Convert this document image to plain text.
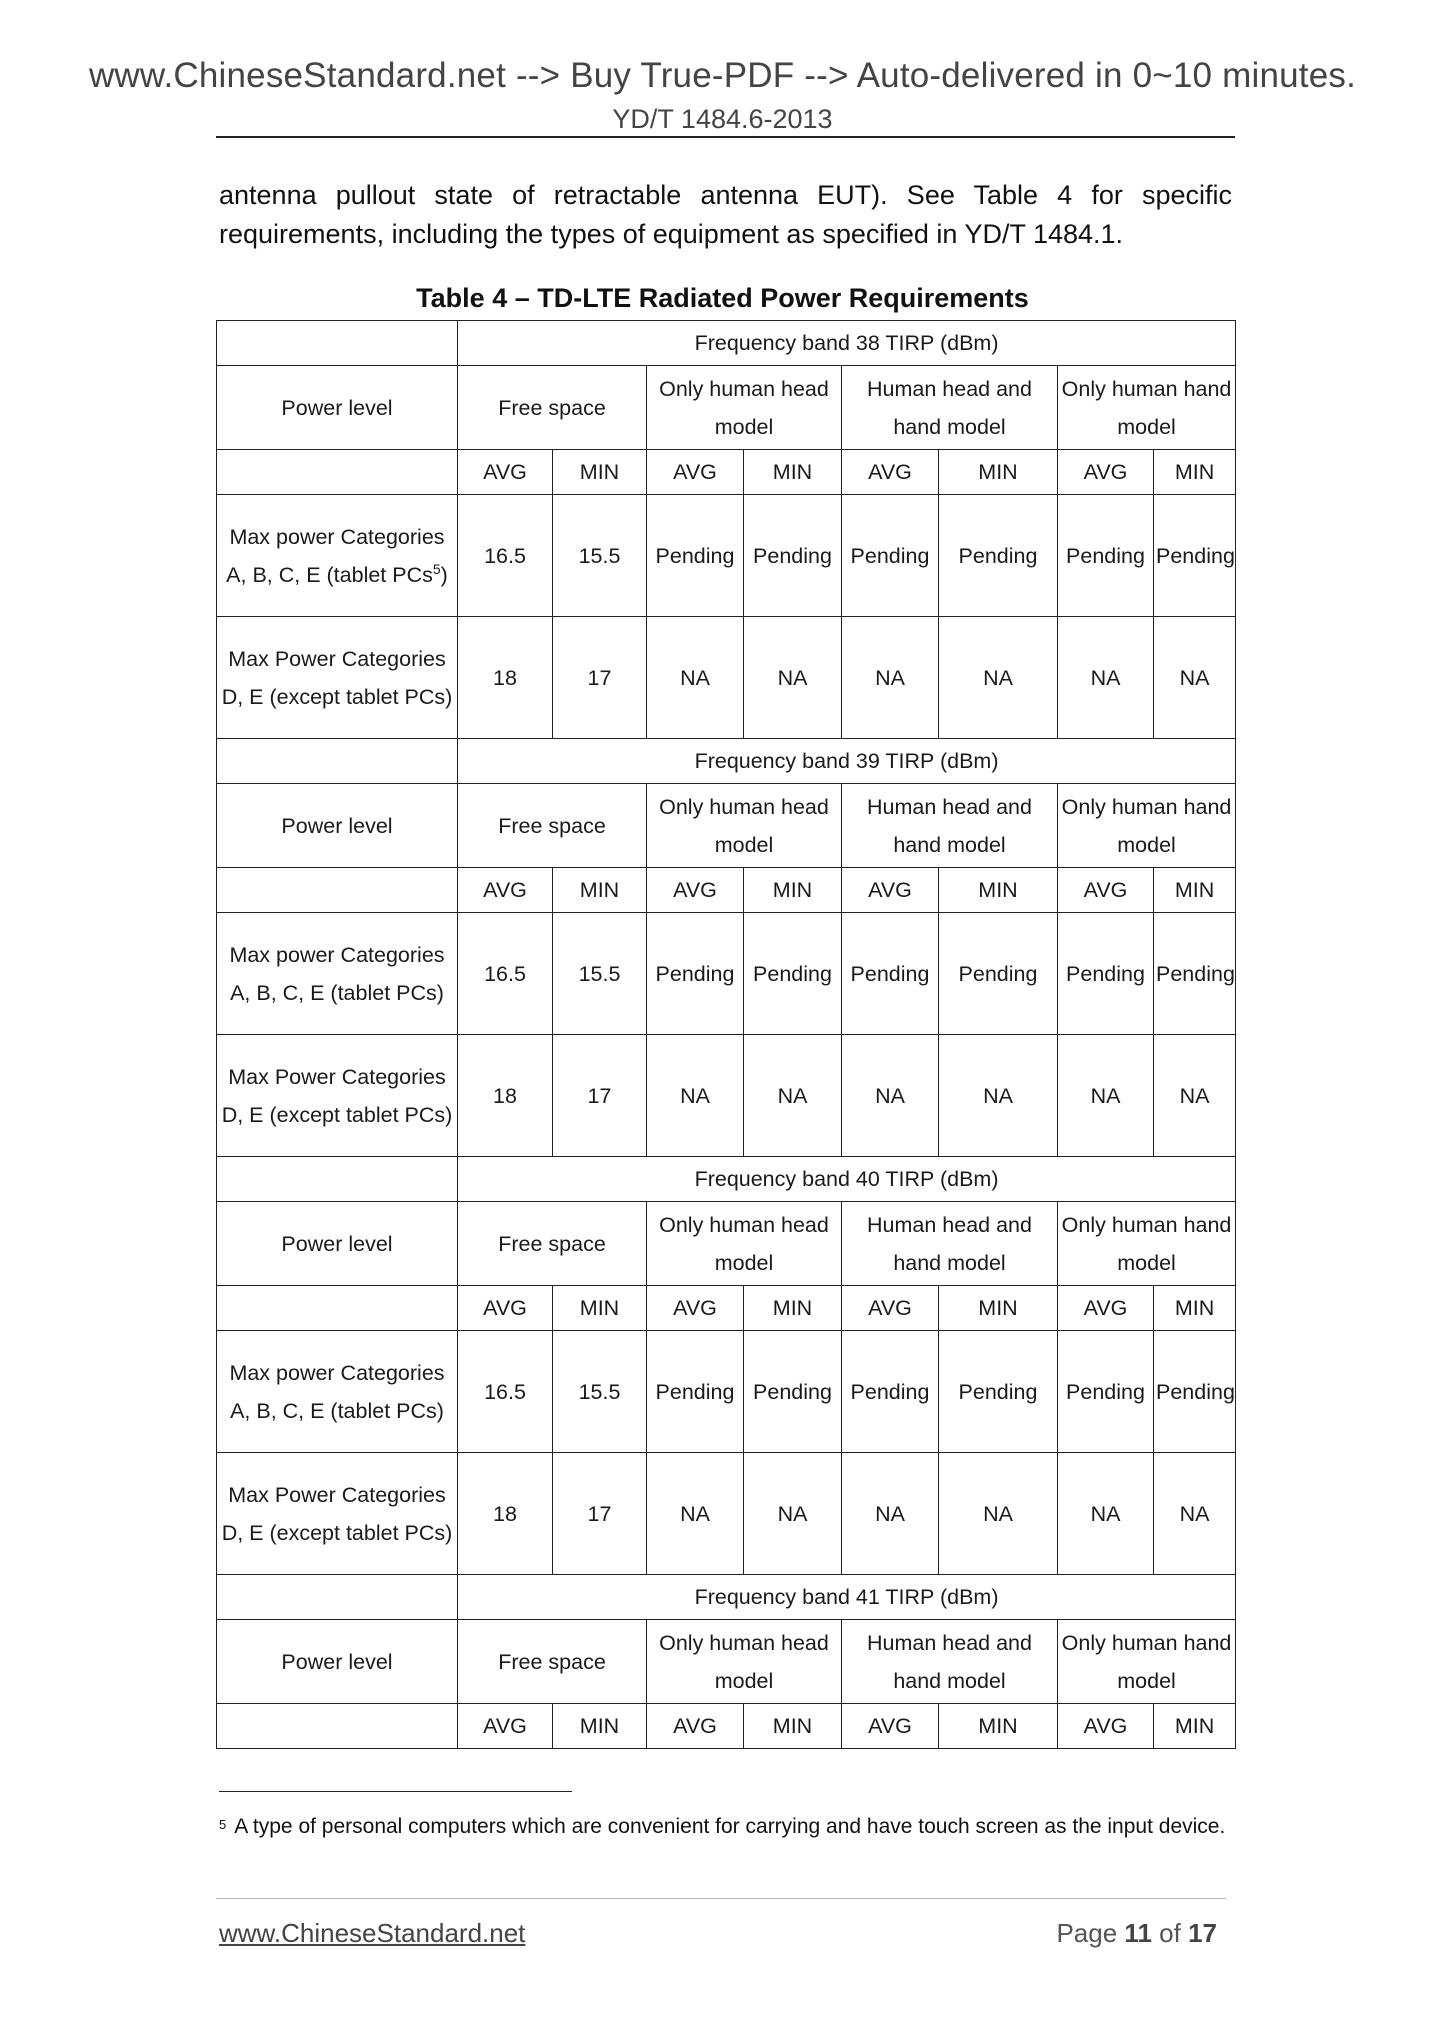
www.ChineseStandard.net --> Buy True-PDF --> Auto-delivered in 0~10 minutes.
YD/T 1484.6-2013
antenna pullout state of retractable antenna EUT). See Table 4 for specific requirements, including the types of equipment as specified in YD/T 1484.1.
Table 4 – TD-LTE Radiated Power Requirements
	Frequency band 38 TIRP (dBm)							
Power level	Free space		Only human head model		Human head and hand model		Only human hand model	
	AVG	MIN	AVG	MIN	AVG	MIN	AVG	MIN
Max power Categories A, B, C, E (tablet PCs$^5$)	16.5	15.5	Pending	Pending	Pending	Pending	Pending	Pending
Max Power Categories D, E (except tablet PCs)	18	17	NA	NA	NA	NA	NA	NA
	Frequency band 39 TIRP (dBm)							
Power level	Free space		Only human head model		Human head and hand model		Only human hand model	
	AVG	MIN	AVG	MIN	AVG	MIN	AVG	MIN
Max power Categories A, B, C, E (tablet PCs)	16.5	15.5	Pending	Pending	Pending	Pending	Pending	Pending
Max Power Categories D, E (except tablet PCs)	18	17	NA	NA	NA	NA	NA	NA
	Frequency band 40 TIRP (dBm)							
Power level	Free space		Only human head model		Human head and hand model		Only human hand model	
	AVG	MIN	AVG	MIN	AVG	MIN	AVG	MIN
Max power Categories A, B, C, E (tablet PCs)	16.5	15.5	Pending	Pending	Pending	Pending	Pending	Pending
Max Power Categories D, E (except tablet PCs)	18	17	NA	NA	NA	NA	NA	NA
	Frequency band 41 TIRP (dBm)							
Power level	Free space		Only human head model		Human head and hand model		Only human hand model	
	AVG	MIN	AVG	MIN	AVG	MIN	AVG	MIN
$^5$ A type of personal computers which are convenient for carrying and have touch screen as the input device.
www.ChineseStandard.net	Page 11 of 17
